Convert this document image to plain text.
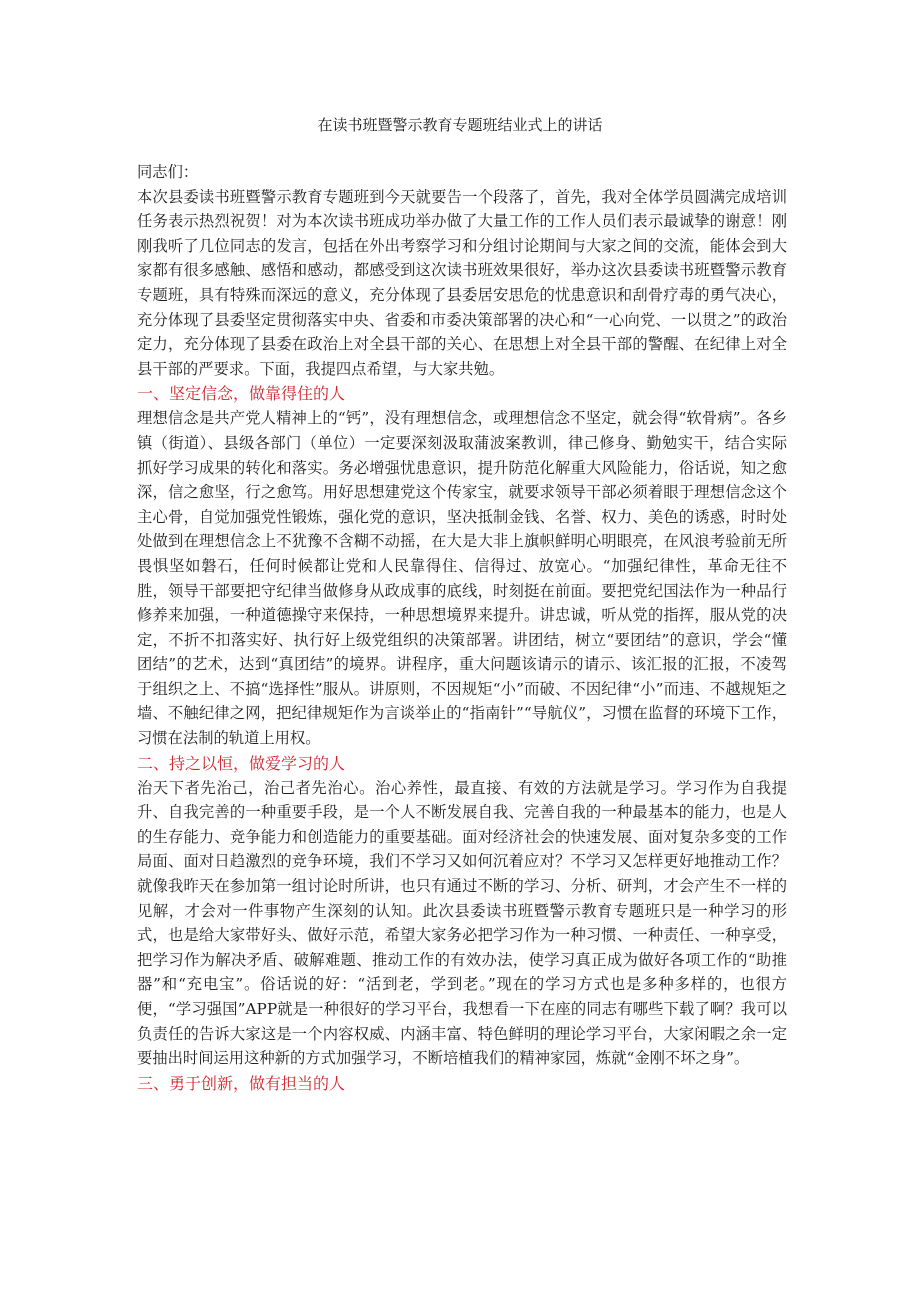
在读书班暨警示教育专题班结业式上的讲话

同志们：

本次县委读书班暨警示教育专题班到今天就要告一个段落了，首先，我对全体学员圆满完成培训任务表示热烈祝贺！对为本次读书班成功举办做了大量工作的工作人员们表示最诚挚的谢意！刚刚我听了几位同志的发言，包括在外出考察学习和分组讨论期间与大家之间的交流，能体会到大家都有很多感触、感悟和感动，都感受到这次读书班效果很好，举办这次县委读书班暨警示教育专题班，具有特殊而深远的意义，充分体现了县委居安思危的忧患意识和刮骨疗毒的勇气决心，充分体现了县委坚定贯彻落实中央、省委和市委决策部署的决心和“一心向党、一以贯之”的政治定力，充分体现了县委在政治上对全县干部的关心、在思想上对全县干部的警醒、在纪律上对全县干部的严要求。下面，我提四点希望，与大家共勉。

一、坚定信念，做靠得住的人

理想信念是共产党人精神上的“钙”，没有理想信念，或理想信念不坚定，就会得“软骨病”。各乡镇（街道）、县级各部门（单位）一定要深刻汲取蒲波案教训，律己修身、勤勉实干，结合实际抓好学习成果的转化和落实。务必增强忧患意识，提升防范化解重大风险能力，俗话说，知之愈深，信之愈坚，行之愈笃。用好思想建党这个传家宝，就要求领导干部必须着眼于理想信念这个主心骨，自觉加强党性锻炼，强化党的意识，坚决抵制金钱、名誉、权力、美色的诱惑，时时处处做到在理想信念上不犹豫不含糊不动摇，在大是大非上旗帜鲜明心明眼亮，在风浪考验前无所畏惧坚如磐石，任何时候都让党和人民靠得住、信得过、放宽心。“加强纪律性，革命无往不胜，领导干部要把守纪律当做修身从政成事的底线，时刻挺在前面。要把党纪国法作为一种品行修养来加强，一种道德操守来保持，一种思想境界来提升。讲忠诚，听从党的指挥，服从党的决定，不折不扣落实好、执行好上级党组织的决策部署。讲团结，树立“要团结”的意识，学会“懂团结”的艺术，达到“真团结”的境界。讲程序，重大问题该请示的请示、该汇报的汇报，不凌驾于组织之上、不搞“选择性”服从。讲原则，不因规矩“小”而破、不因纪律“小”而违、不越规矩之墙、不触纪律之网，把纪律规矩作为言谈举止的“指南针”“导航仪”，习惯在监督的环境下工作，习惯在法制的轨道上用权。

二、持之以恒，做爱学习的人

治天下者先治己，治己者先治心。治心养性，最直接、有效的方法就是学习。学习作为自我提升、自我完善的一种重要手段，是一个人不断发展自我、完善自我的一种最基本的能力，也是人的生存能力、竞争能力和创造能力的重要基础。面对经济社会的快速发展、面对复杂多变的工作局面、面对日趋激烈的竞争环境，我们不学习又如何沉着应对？不学习又怎样更好地推动工作？就像我昨天在参加第一组讨论时所讲，也只有通过不断的学习、分析、研判，才会产生不一样的见解，才会对一件事物产生深刻的认知。此次县委读书班暨警示教育专题班只是一种学习的形式，也是给大家带好头、做好示范，希望大家务必把学习作为一种习惯、一种责任、一种享受，把学习作为解决矛盾、破解难题、推动工作的有效办法，使学习真正成为做好各项工作的“助推器”和“充电宝”。俗话说的好：“活到老，学到老。”现在的学习方式也是多种多样的，也很方便，“学习强国”APP就是一种很好的学习平台，我想看一下在座的同志有哪些下载了啊？我可以负责任的告诉大家这是一个内容权威、内涵丰富、特色鲜明的理论学习平台，大家闲暇之余一定要抽出时间运用这种新的方式加强学习，不断培植我们的精神家园，炼就“金刚不坏之身”。

三、勇于创新，做有担当的人
